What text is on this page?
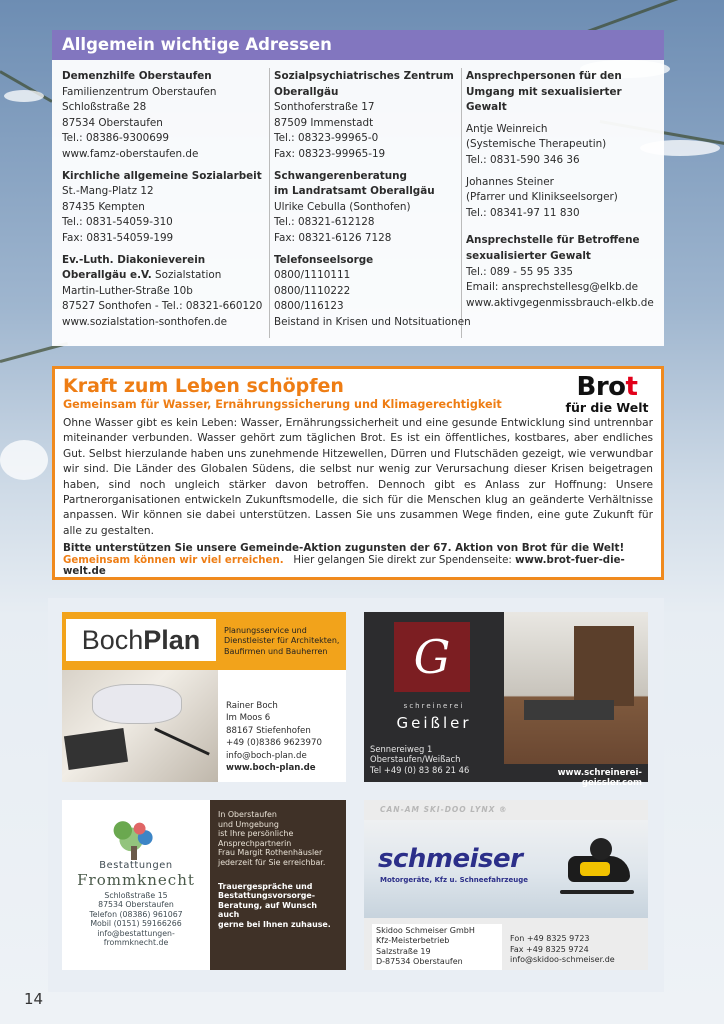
Allgemein wichtige Adressen
Demenzhilfe Oberstaufen
Familienzentrum Oberstaufen
Schloßstraße 28
87534 Oberstaufen
Tel.: 08386-9300699
www.famz-oberstaufen.de
Kirchliche allgemeine Sozialarbeit
St.-Mang-Platz 12
87435 Kempten
Tel.: 0831-54059-310
Fax: 0831-54059-199
Ev.-Luth. Diakonieverein
Oberallgäu e.V. Sozialstation
Martin-Luther-Straße 10b
87527 Sonthofen - Tel.: 08321-660120
www.sozialstation-sonthofen.de
Sozialpsychiatrisches Zentrum
Oberallgäu
Sonthoferstraße 17
87509 Immenstadt
Tel.: 08323-99965-0
Fax: 08323-99965-19
Schwangerenberatung
im Landratsamt Oberallgäu
Ulrike Cebulla (Sonthofen)
Tel.: 08321-612128
Fax: 08321-6126 7128
Telefonseelsorge
0800/1110111
0800/1110222
0800/116123
Beistand in Krisen und Notsituationen
Ansprechpersonen für den
Umgang mit sexualisierter Gewalt
Antje Weinreich
(Systemische Therapeutin)
Tel.: 0831-590 346 36
Johannes Steiner
(Pfarrer und Klinikseelsorger)
Tel.: 08341-97 11 830
Ansprechstelle für Betroffene
sexualisierter Gewalt
Tel.: 089 - 55 95 335
Email: ansprechstellesg@elkb.de
www.aktivgegenmissbrauch-elkb.de
Brot
für die Welt
Kraft zum Leben schöpfen
Gemeinsam für Wasser, Ernährungssicherung und Klimagerechtigkeit
Ohne Wasser gibt es kein Leben: Wasser, Ernährungssicherheit und eine gesunde Entwicklung sind untrennbar miteinander verbunden. Wasser gehört zum täglichen Brot. Es ist ein öffentliches, kostbares, aber endliches Gut. Selbst hierzulande haben uns zunehmende Hitzewellen, Dürren und Flutschäden gezeigt, wie verwundbar wir sind. Die Länder des Globalen Südens, die selbst nur wenig zur Verursachung dieser Krisen beigetragen haben, sind noch ungleich stärker davon betroffen. Dennoch gibt es Anlass zur Hoffnung: Unsere Partnerorganisationen entwickeln Zukunftsmodelle, die sich für die Menschen klug an geänderte Verhältnisse anpassen. Wir können sie dabei unterstützen. Lassen Sie uns zusammen Wege finden, eine gute Zukunft für alle zu gestalten.
Bitte unterstützen Sie unsere Gemeinde-Aktion zugunsten der 67. Aktion von Brot für die Welt!
Gemeinsam können wir viel erreichen. Hier gelangen Sie direkt zur Spendenseite: www.brot-fuer-die-welt.de
BochPlan	Planungsservice und
Dienstleister für Architekten,
Baufirmen und Bauherren
Rainer Boch
Im Moos 6
88167 Stiefenhofen
+49 (0)8386 9623970
info@boch-plan.de
www.boch-plan.de
G
schreinerei
Geißler
Sennereiweg 1
Oberstaufen/Weißach
Tel +49 (0) 83 86 21 46	www.schreinerei-geissler.com
Bestattungen
Frommknecht
Schloßstraße 15
87534 Oberstaufen
Telefon (08386) 961067
Mobil (0151) 59166266
info@bestattungen-
frommknecht.de
In Oberstaufen
und Umgebung
ist Ihre persönliche
Ansprechpartnerin
Frau Margit Rothenhäusler
jederzeit für Sie erreichbar.
Trauergespräche und
Bestattungsvorsorge-
Beratung, auf Wunsch auch
gerne bei Ihnen zuhause.
CAN-AM SKI-DOO LYNX ®
schmeiser
Motorgeräte, Kfz u. Schneefahrzeuge
Skidoo Schmeiser GmbH
Kfz-Meisterbetrieb
Salzstraße 19
D-87534 Oberstaufen
Fon +49 8325 9723
Fax +49 8325 9724
info@skidoo-schmeiser.de
14
